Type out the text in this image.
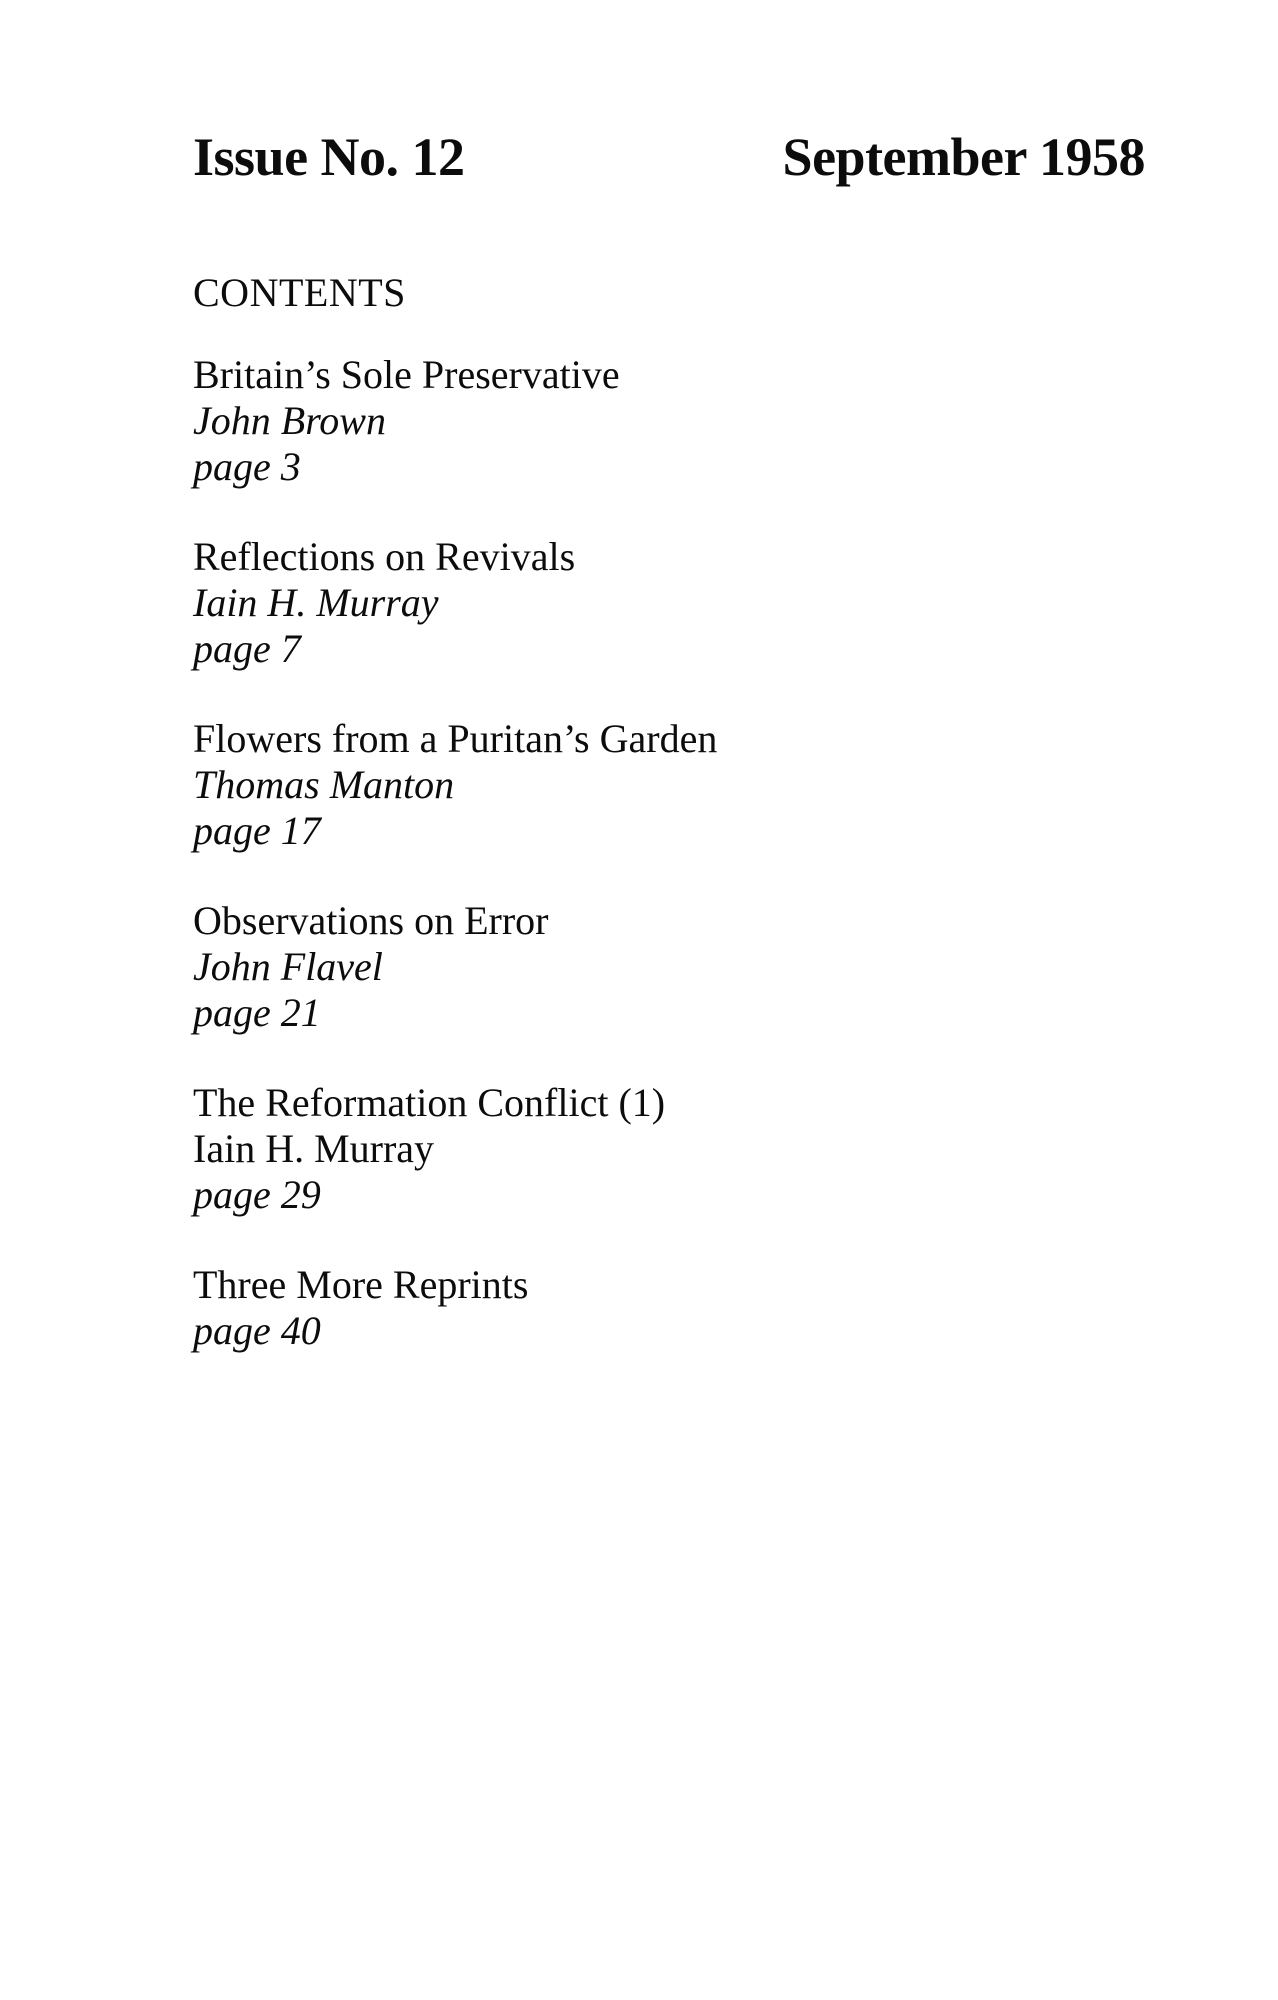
Issue No. 12	September 1958
CONTENTS
Britain’s Sole Preservative
John Brown
page 3
Reflections on Revivals
Iain H. Murray
page 7
Flowers from a Puritan’s Garden
Thomas Manton
page 17
Observations on Error
John Flavel
page 21
The Reformation Conflict (1)
Iain H. Murray
page 29
Three More Reprints
page 40
